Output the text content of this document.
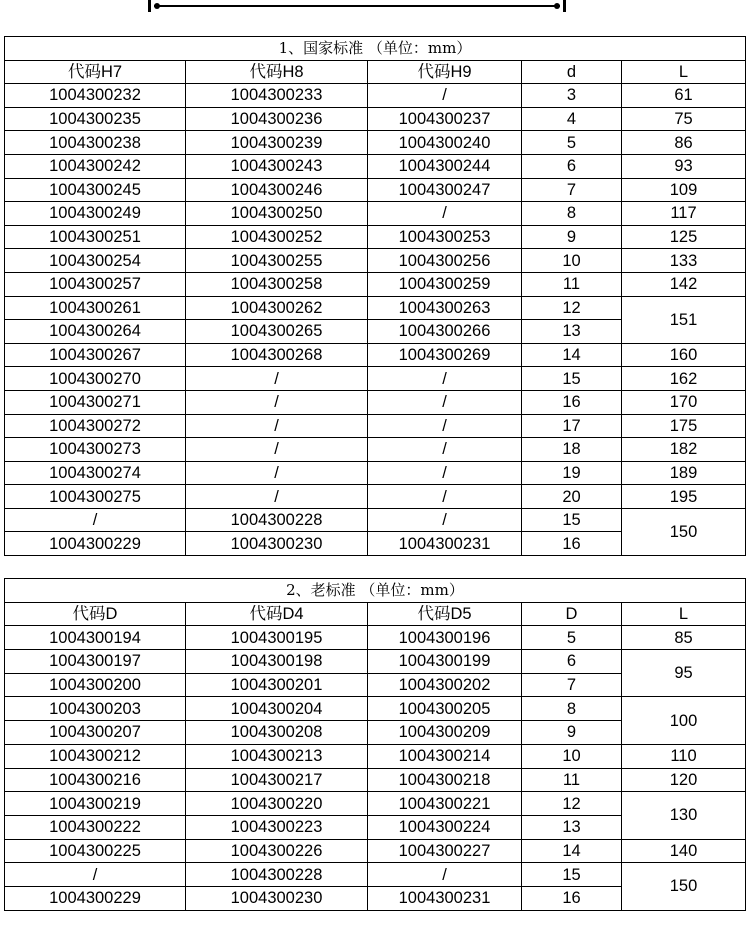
1、国家标准 （单位：mm）				
代码H7	代码H8	代码H9	d	L
1004300232	1004300233	/	3	61
1004300235	1004300236	1004300237	4	75
1004300238	1004300239	1004300240	5	86
1004300242	1004300243	1004300244	6	93
1004300245	1004300246	1004300247	7	109
1004300249	1004300250	/	8	117
1004300251	1004300252	1004300253	9	125
1004300254	1004300255	1004300256	10	133
1004300257	1004300258	1004300259	11	142
1004300261	1004300262	1004300263	12	151
1004300264	1004300265	1004300266	13	
1004300267	1004300268	1004300269	14	160
1004300270	/	/	15	162
1004300271	/	/	16	170
1004300272	/	/	17	175
1004300273	/	/	18	182
1004300274	/	/	19	189
1004300275	/	/	20	195
/	1004300228	/	15	150
1004300229	1004300230	1004300231	16	
2、老标准 （单位：mm）				
代码D	代码D4	代码D5	D	L
1004300194	1004300195	1004300196	5	85
1004300197	1004300198	1004300199	6	95
1004300200	1004300201	1004300202	7	
1004300203	1004300204	1004300205	8	100
1004300207	1004300208	1004300209	9	
1004300212	1004300213	1004300214	10	110
1004300216	1004300217	1004300218	11	120
1004300219	1004300220	1004300221	12	130
1004300222	1004300223	1004300224	13	
1004300225	1004300226	1004300227	14	140
/	1004300228	/	15	150
1004300229	1004300230	1004300231	16	
